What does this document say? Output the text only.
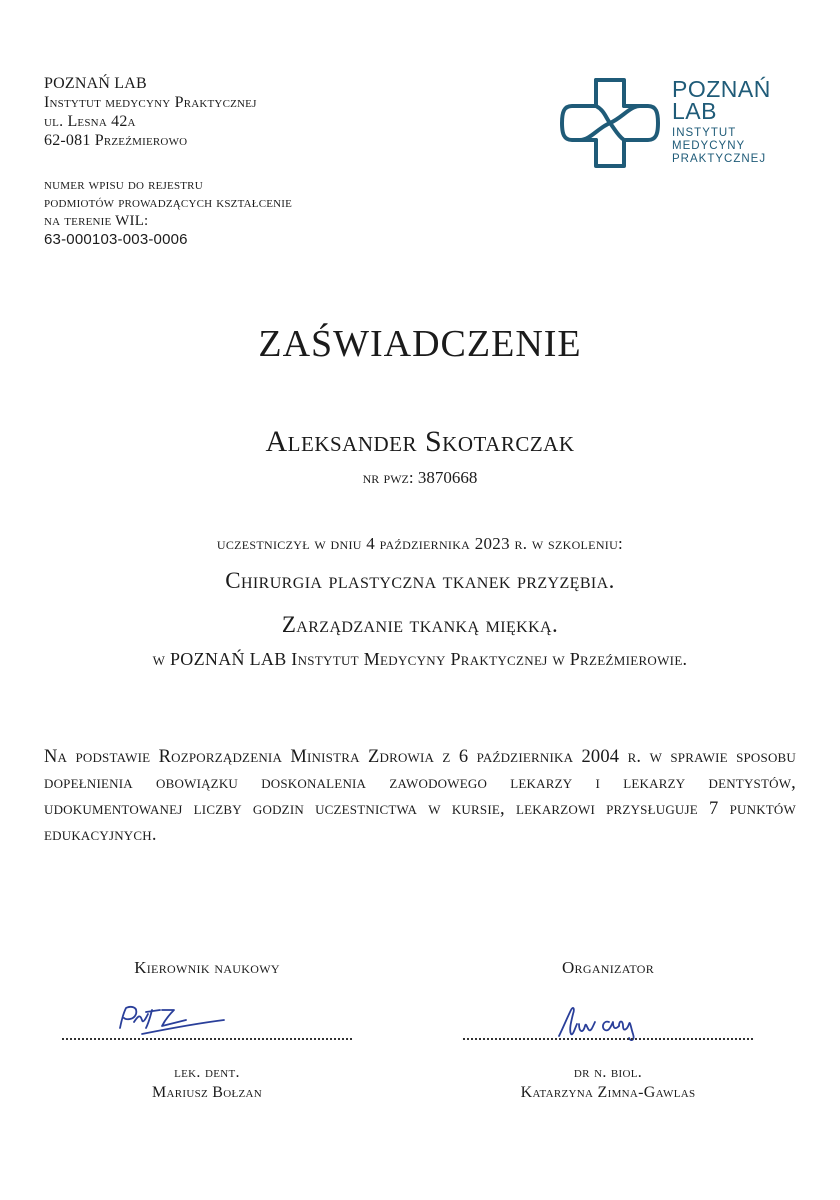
POZNAŃ LAB
Instytut medycyny Praktycznej
ul. Lesna 42a
62-081 Przeźmierowo
numer wpisu do rejestru
podmiotów prowadzących kształcenie
na terenie WIL:
63-000103-003-0006
POZNAŃ
LAB
INSTYTUT
MEDYCYNY
PRAKTYCZNEJ
ZAŚWIADCZENIE
Aleksander Skotarczak
nr pwz: 3870668
uczestniczył w dniu 4 października 2023 r. w szkoleniu:
Chirurgia plastyczna tkanek przyzębia.
Zarządzanie tkanką miękką.
w POZNAŃ LAB Instytut Medycyny Praktycznej w Przeźmierowie.
Na podstawie Rozporządzenia Ministra Zdrowia z 6 października 2004 r. w sprawie sposobu dopełnienia obowiązku doskonalenia zawodowego lekarzy i lekarzy dentystów, udokumentowanej liczby godzin uczestnictwa w kursie, lekarzowi przysługuje 7 punktów edukacyjnych.
Kierownik naukowy
lek. dent.
Mariusz Bołzan
Organizator
dr n. biol.
Katarzyna Zimna-Gawlas
